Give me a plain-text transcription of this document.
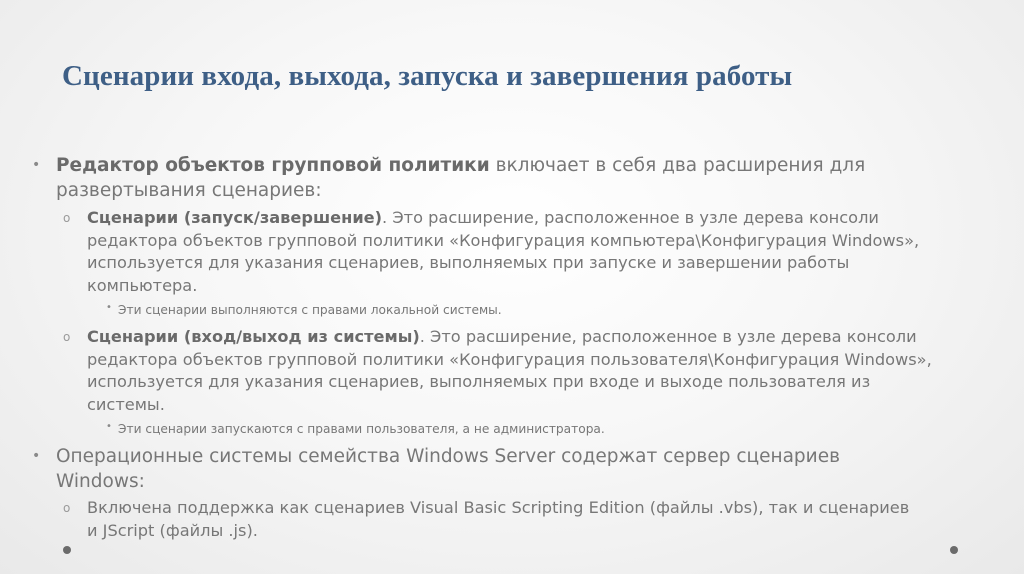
Сценарии входа, выхода, запуска и завершения работы
• Редактор объектов групповой политики включает в себя два расширения для
развертывания сценариев:
o Сценарии (запуск/завершение). Это расширение, расположенное в узле дерева консоли
редактора объектов групповой политики «Конфигурация компьютера\Конфигурация Windows»,
используется для указания сценариев, выполняемых при запуске и завершении работы
компьютера.
• Эти сценарии выполняются с правами локальной системы.
o Сценарии (вход/выход из системы). Это расширение, расположенное в узле дерева консоли
редактора объектов групповой политики «Конфигурация пользователя\Конфигурация Windows»,
используется для указания сценариев, выполняемых при входе и выходе пользователя из
системы.
• Эти сценарии запускаются с правами пользователя, а не администратора.
• Операционные системы семейства Windows Server содержат сервер сценариев
Windows:
o Включена поддержка как сценариев Visual Basic Scripting Edition (файлы .vbs), так и сценариев
и JScript (файлы .js).
